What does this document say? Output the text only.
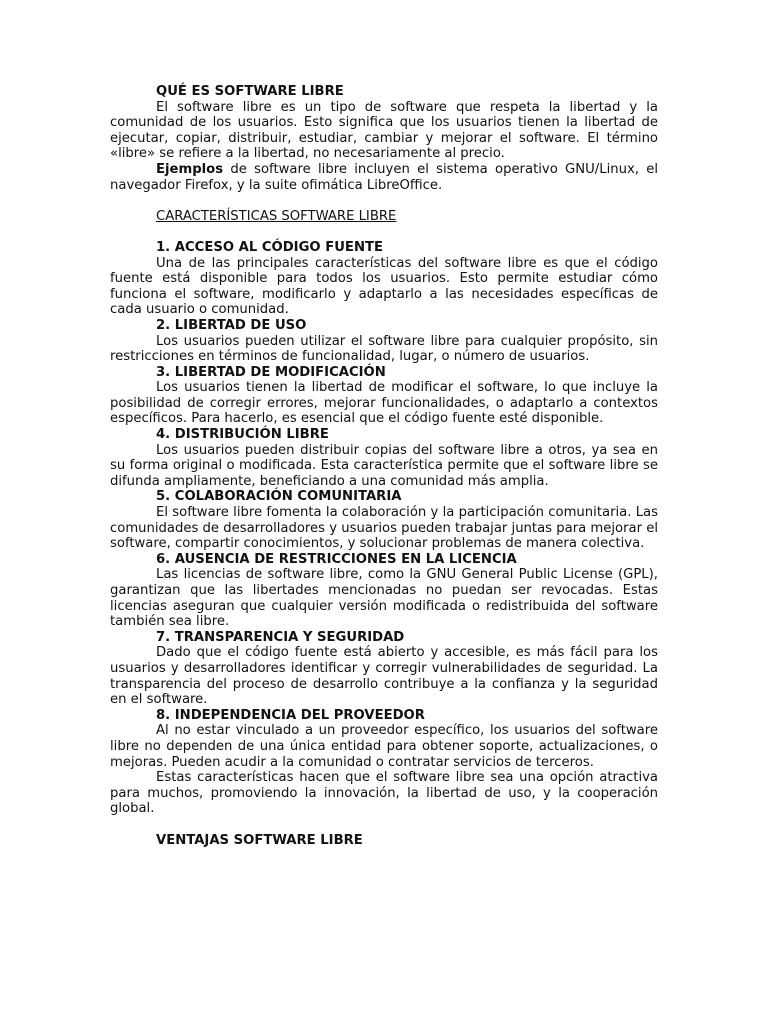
QUÉ ES SOFTWARE LIBRE

El software libre es un tipo de software que respeta la libertad y la comunidad de los usuarios. Esto significa que los usuarios tienen la libertad de ejecutar, copiar, distribuir, estudiar, cambiar y mejorar el software. El término «libre» se refiere a la libertad, no necesariamente al precio.

Ejemplos de software libre incluyen el sistema operativo GNU/Linux, el navegador Firefox, y la suite ofimática LibreOffice.

CARACTERÍSTICAS SOFTWARE LIBRE

1. ACCESO AL CÓDIGO FUENTE

Una de las principales características del software libre es que el código fuente está disponible para todos los usuarios. Esto permite estudiar cómo funciona el software, modificarlo y adaptarlo a las necesidades específicas de cada usuario o comunidad.

2. LIBERTAD DE USO

Los usuarios pueden utilizar el software libre para cualquier propósito, sin restricciones en términos de funcionalidad, lugar, o número de usuarios.

3. LIBERTAD DE MODIFICACIÓN

Los usuarios tienen la libertad de modificar el software, lo que incluye la posibilidad de corregir errores, mejorar funcionalidades, o adaptarlo a contextos específicos. Para hacerlo, es esencial que el código fuente esté disponible.

4. DISTRIBUCIÓN LIBRE

Los usuarios pueden distribuir copias del software libre a otros, ya sea en su forma original o modificada. Esta característica permite que el software libre se difunda ampliamente, beneficiando a una comunidad más amplia.

5. COLABORACIÓN COMUNITARIA

El software libre fomenta la colaboración y la participación comunitaria. Las comunidades de desarrolladores y usuarios pueden trabajar juntas para mejorar el software, compartir conocimientos, y solucionar problemas de manera colectiva.

6. AUSENCIA DE RESTRICCIONES EN LA LICENCIA

Las licencias de software libre, como la GNU General Public License (GPL), garantizan que las libertades mencionadas no puedan ser revocadas. Estas licencias aseguran que cualquier versión modificada o redistribuida del software también sea libre.

7. TRANSPARENCIA Y SEGURIDAD

Dado que el código fuente está abierto y accesible, es más fácil para los usuarios y desarrolladores identificar y corregir vulnerabilidades de seguridad. La transparencia del proceso de desarrollo contribuye a la confianza y la seguridad en el software.

8. INDEPENDENCIA DEL PROVEEDOR

Al no estar vinculado a un proveedor específico, los usuarios del software libre no dependen de una única entidad para obtener soporte, actualizaciones, o mejoras. Pueden acudir a la comunidad o contratar servicios de terceros.

Estas características hacen que el software libre sea una opción atractiva para muchos, promoviendo la innovación, la libertad de uso, y la cooperación global.

VENTAJAS SOFTWARE LIBRE
